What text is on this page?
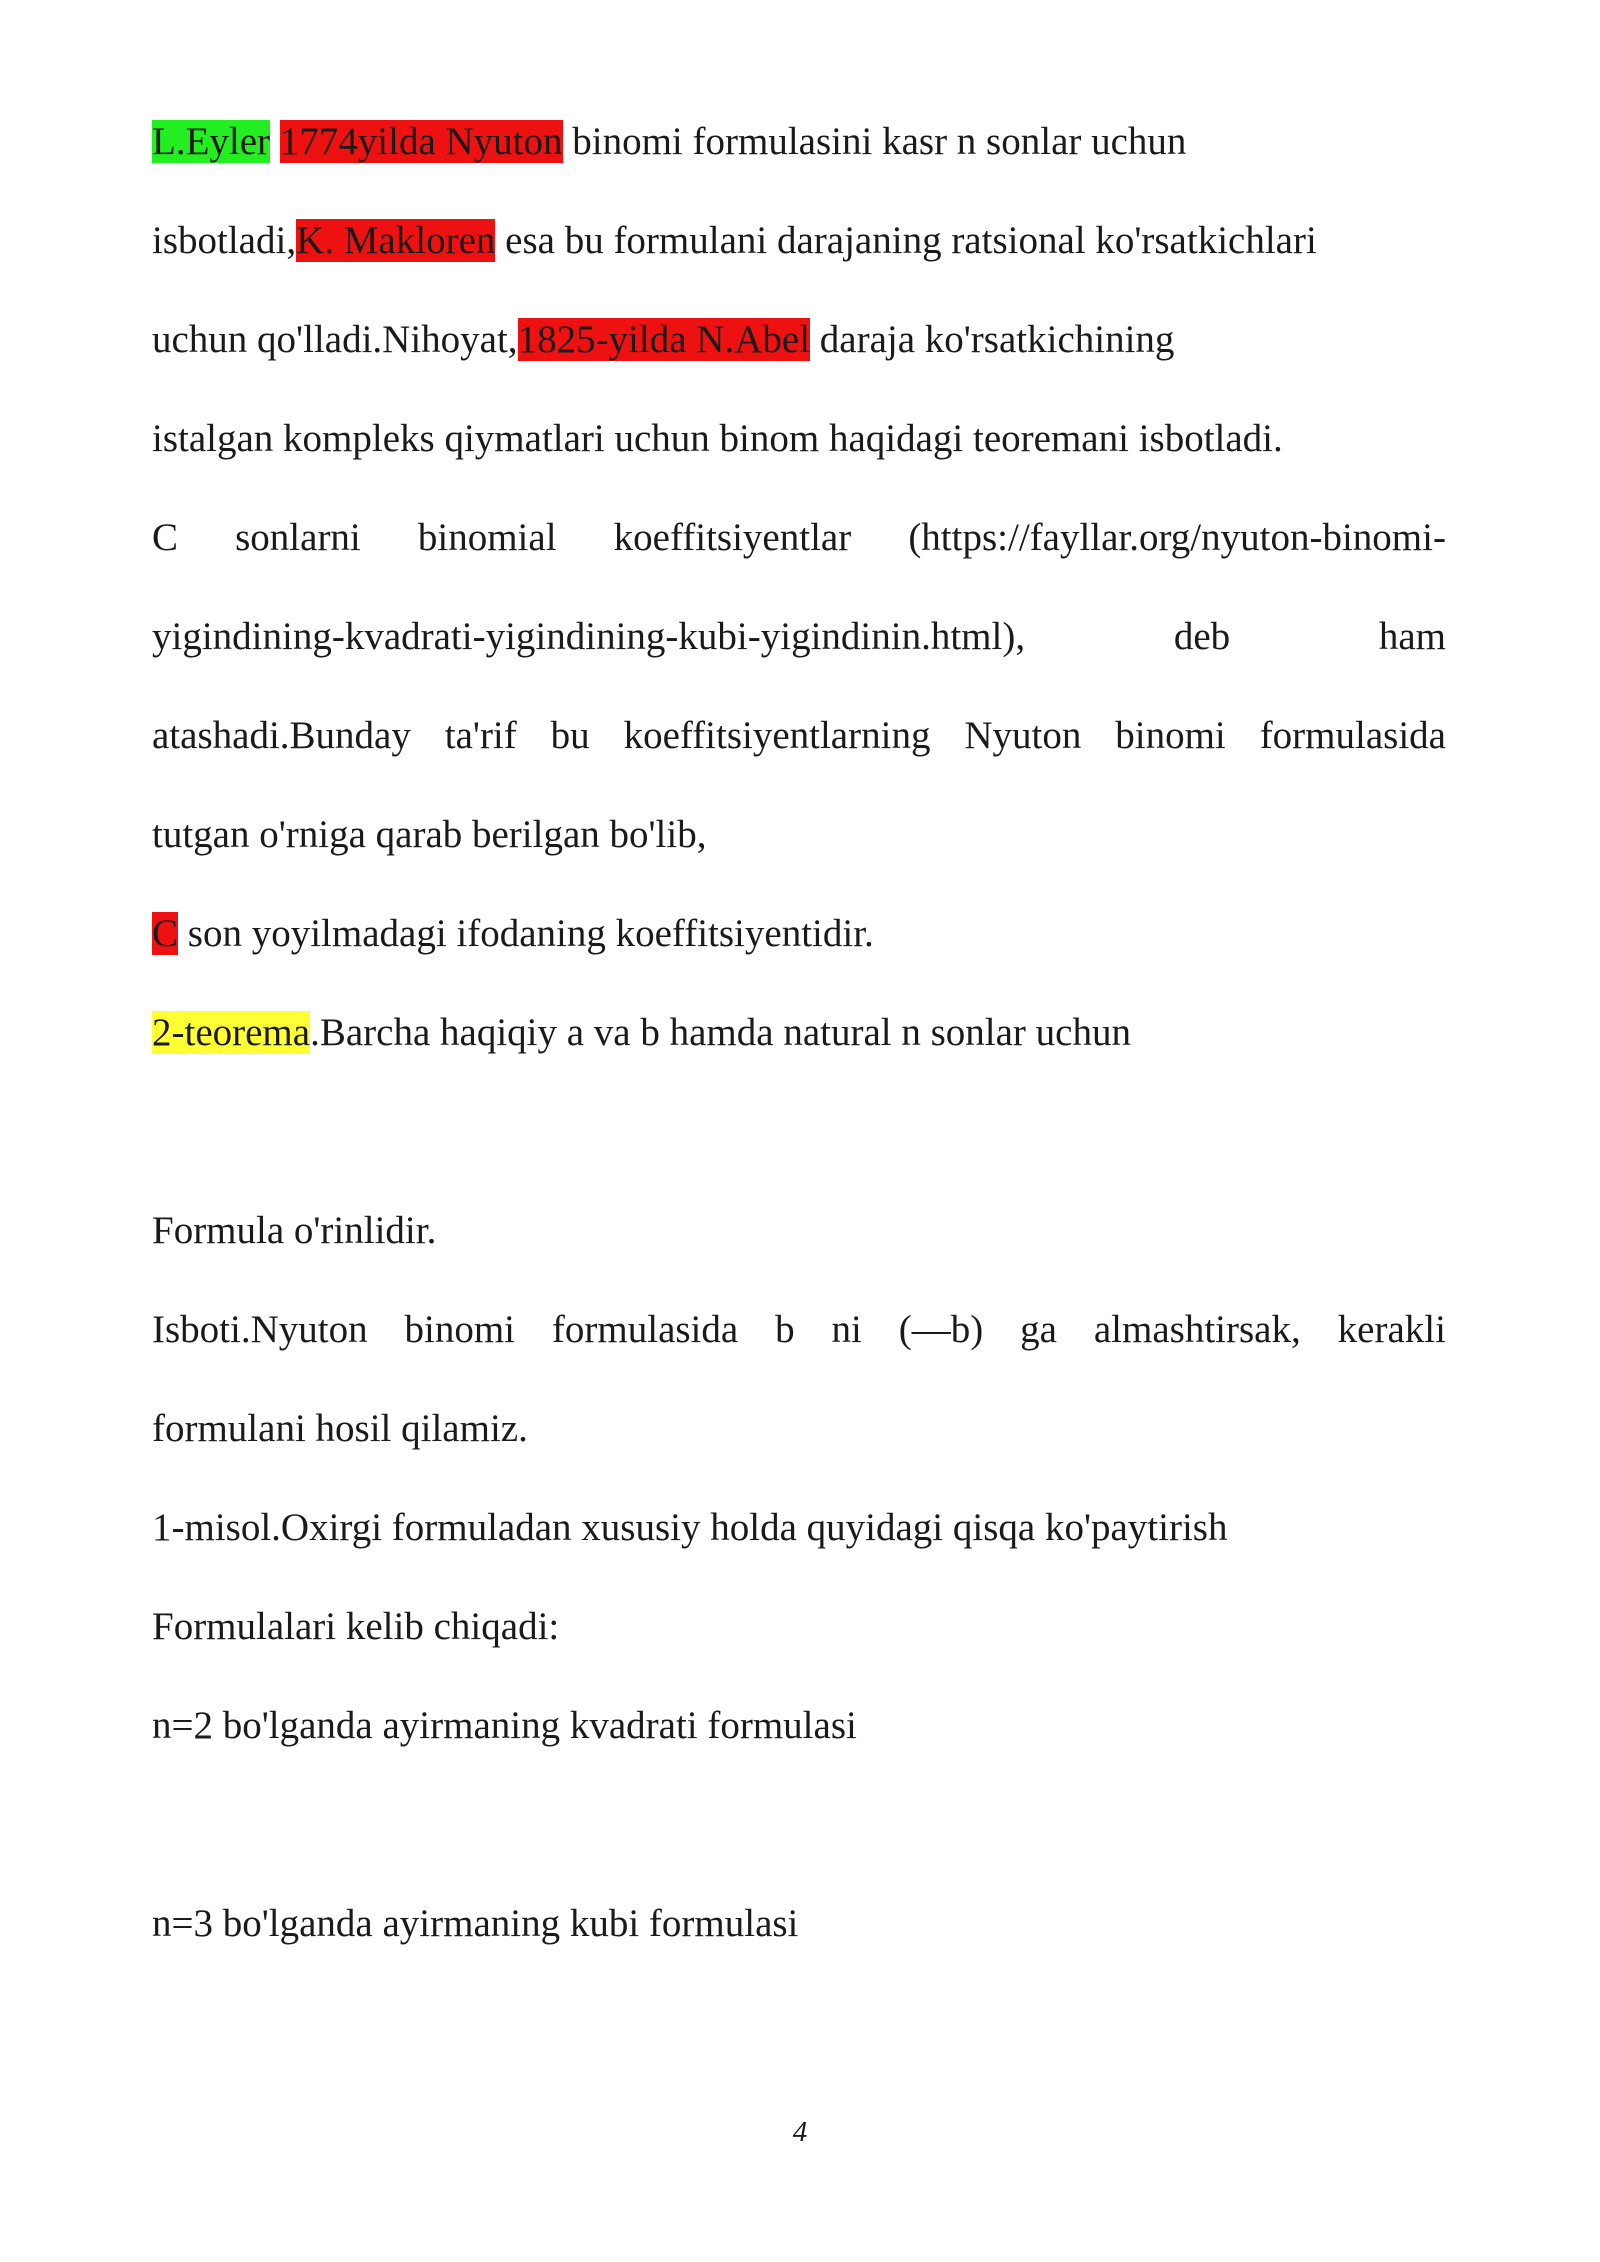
L.Eyler 1774yilda Nyuton binomi formulasini kasr n sonlar uchun
isbotladi,K. Makloren esa bu formulani darajaning ratsional ko'rsatkichlari
uchun qo'lladi.Nihoyat,1825-yilda N.Abel daraja ko'rsatkichining
istalgan kompleks qiymatlari uchun binom haqidagi teoremani isbotladi.
C sonlarni binomial koeffitsiyentlar (https://fayllar.org/nyuton-binomi-
yigindining-kvadrati-yigindining-kubi-yigindinin.html),	deb	ham
atashadi.Bunday ta'rif bu koeffitsiyentlarning Nyuton binomi formulasida
tutgan o'rniga qarab berilgan bo'lib,
C son yoyilmadagi ifodaning koeffitsiyentidir.
2-teorema.Barcha haqiqiy a va b hamda natural n sonlar uchun
Formula o'rinlidir.
Isboti.Nyuton binomi formulasida b ni (—b) ga almashtirsak, kerakli
formulani hosil qilamiz.
1-misol.Oxirgi formuladan xususiy holda quyidagi qisqa ko'paytirish
Formulalari kelib chiqadi:
n=2 bo'lganda ayirmaning kvadrati formulasi
n=3 bo'lganda ayirmaning kubi formulasi
4
